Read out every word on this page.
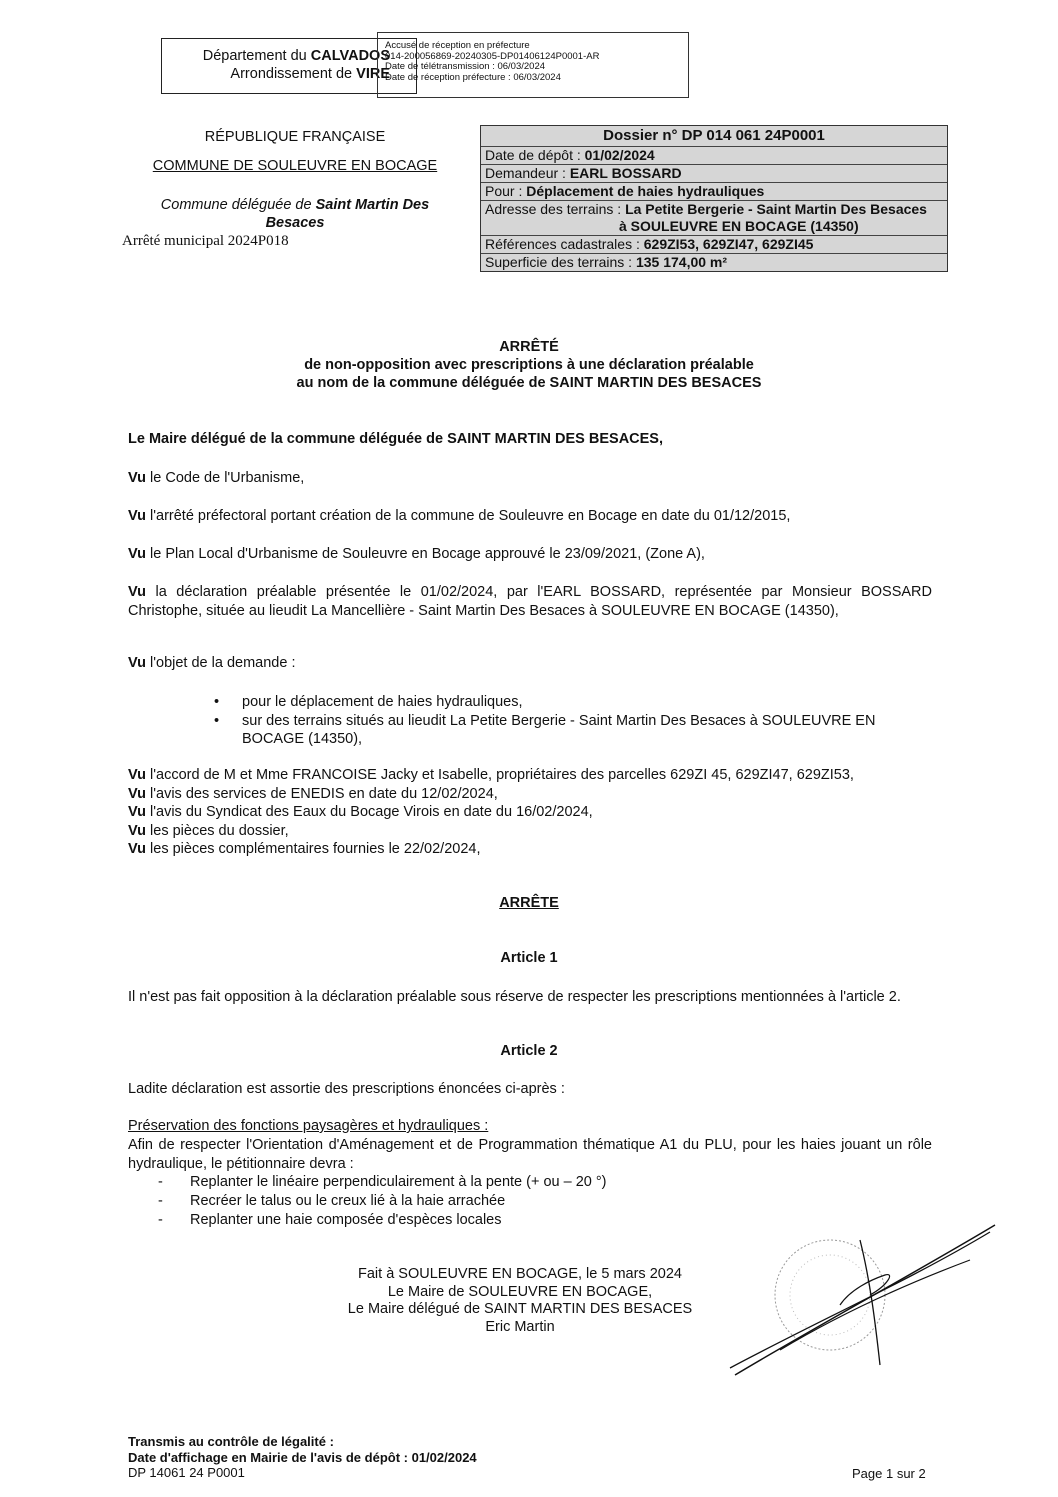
Département du CALVADOS
Arrondissement de VIRE
Accusé de réception en préfecture
014-200056869-20240305-DP01406124P0001-AR
Date de télétransmission : 06/03/2024
Date de réception préfecture : 06/03/2024
RÉPUBLIQUE FRANÇAISE
COMMUNE DE SOULEUVRE EN BOCAGE
Commune déléguée de Saint Martin Des Besaces
Arrêté municipal 2024P018
Dossier n° DP 014 061 24P0001
Date de dépôt : 01/02/2024
Demandeur : EARL BOSSARD
Pour : Déplacement de haies hydrauliques
Adresse des terrains : La Petite Bergerie - Saint Martin Des Besaces
à SOULEUVRE EN BOCAGE (14350)
Références cadastrales : 629ZI53, 629ZI47, 629ZI45
Superficie des terrains : 135 174,00 m²
ARRÊTÉ
de non-opposition avec prescriptions à une déclaration préalable
au nom de la commune déléguée de SAINT MARTIN DES BESACES
Le Maire délégué de la commune déléguée de SAINT MARTIN DES BESACES,
Vu le Code de l'Urbanisme,
Vu l'arrêté préfectoral portant création de la commune de Souleuvre en Bocage en date du 01/12/2015,
Vu le Plan Local d'Urbanisme de Souleuvre en Bocage approuvé le 23/09/2021, (Zone A),
Vu la déclaration préalable présentée le 01/02/2024, par l'EARL BOSSARD, représentée par Monsieur BOSSARD Christophe, située au lieudit La Mancellière - Saint Martin Des Besaces à SOULEUVRE EN BOCAGE (14350),
Vu l'objet de la demande :
• pour le déplacement de haies hydrauliques,
• sur des terrains situés au lieudit La Petite Bergerie - Saint Martin Des Besaces à SOULEUVRE EN BOCAGE (14350),
Vu l'accord de M et Mme FRANCOISE Jacky et Isabelle, propriétaires des parcelles 629ZI 45, 629ZI47, 629ZI53,
Vu l'avis des services de ENEDIS en date du 12/02/2024,
Vu l'avis du Syndicat des Eaux du Bocage Virois en date du 16/02/2024,
Vu les pièces du dossier,
Vu les pièces complémentaires fournies le 22/02/2024,
ARRÊTE
Article 1
Il n'est pas fait opposition à la déclaration préalable sous réserve de respecter les prescriptions mentionnées à l'article 2.
Article 2
Ladite déclaration est assortie des prescriptions énoncées ci-après :
Préservation des fonctions paysagères et hydrauliques :
Afin de respecter l'Orientation d'Aménagement et de Programmation thématique A1 du PLU, pour les haies jouant un rôle hydraulique, le pétitionnaire devra :
- Replanter le linéaire perpendiculairement à la pente (+ ou – 20 °)
- Recréer le talus ou le creux lié à la haie arrachée
- Replanter une haie composée d'espèces locales
Fait à SOULEUVRE EN BOCAGE, le 5 mars 2024
Le Maire de SOULEUVRE EN BOCAGE,
Le Maire délégué de SAINT MARTIN DES BESACES
Eric Martin
Transmis au contrôle de légalité :
Date d'affichage en Mairie de l'avis de dépôt : 01/02/2024
DP 14061 24 P0001	Page 1 sur 2
